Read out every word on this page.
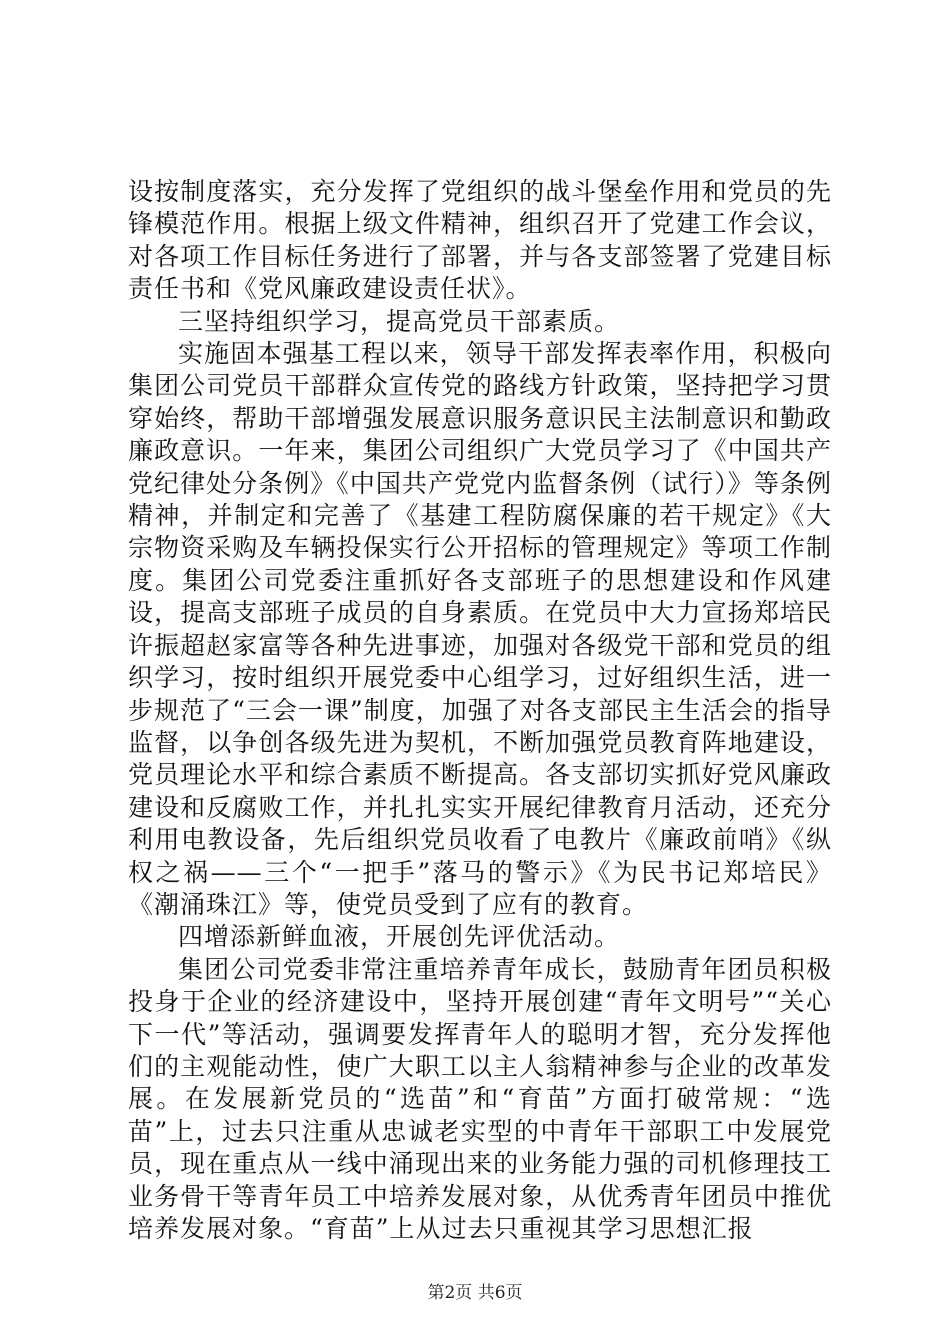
设按制度落实，充分发挥了党组织的战斗堡垒作用和党员的先锋模范作用。根据上级文件精神，组织召开了党建工作会议，对各项工作目标任务进行了部署，并与各支部签署了党建目标责任书和《党风廉政建设责任状》。

三坚持组织学习，提高党员干部素质。

实施固本强基工程以来，领导干部发挥表率作用，积极向集团公司党员干部群众宣传党的路线方针政策，坚持把学习贯穿始终，帮助干部增强发展意识服务意识民主法制意识和勤政廉政意识。一年来，集团公司组织广大党员学习了《中国共产党纪律处分条例》《中国共产党党内监督条例（试行）》等条例精神，并制定和完善了《基建工程防腐保廉的若干规定》《大宗物资采购及车辆投保实行公开招标的管理规定》等项工作制度。集团公司党委注重抓好各支部班子的思想建设和作风建设，提高支部班子成员的自身素质。在党员中大力宣扬郑培民许振超赵家富等各种先进事迹，加强对各级党干部和党员的组织学习，按时组织开展党委中心组学习，过好组织生活，进一步规范了“三会一课”制度，加强了对各支部民主生活会的指导监督，以争创各级先进为契机，不断加强党员教育阵地建设，党员理论水平和综合素质不断提高。各支部切实抓好党风廉政建设和反腐败工作，并扎扎实实开展纪律教育月活动，还充分利用电教设备，先后组织党员收看了电教片《廉政前哨》《纵权之祸——三个“一把手”落马的警示》《为民书记郑培民》《潮涌珠江》等，使党员受到了应有的教育。

四增添新鲜血液，开展创先评优活动。

集团公司党委非常注重培养青年成长，鼓励青年团员积极投身于企业的经济建设中，坚持开展创建“青年文明号”“关心下一代”等活动，强调要发挥青年人的聪明才智，充分发挥他们的主观能动性，使广大职工以主人翁精神参与企业的改革发展。在发展新党员的“选苗”和“育苗”方面打破常规：“选苗”上，过去只注重从忠诚老实型的中青年干部职工中发展党员，现在重点从一线中涌现出来的业务能力强的司机修理技工业务骨干等青年员工中培养发展对象，从优秀青年团员中推优培养发展对象。“育苗”上从过去只重视其学习思想汇报

第2页 共6页
